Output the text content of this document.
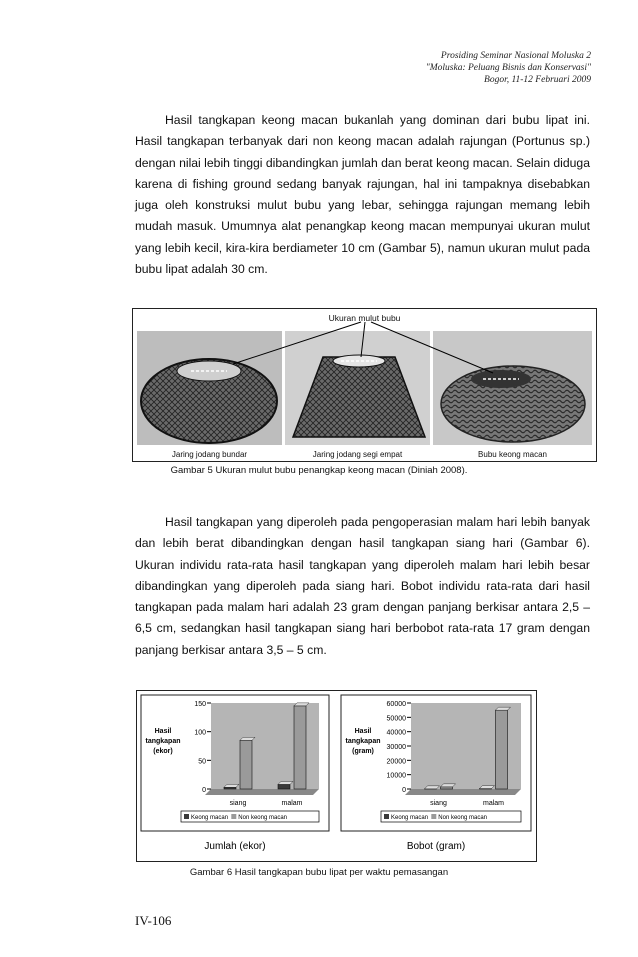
Prosiding Seminar Nasional Moluska 2
"Moluska: Peluang Bisnis dan Konservasi"
Bogor, 11-12 Februari 2009

Hasil tangkapan keong macan bukanlah yang dominan dari bubu lipat ini. Hasil tangkapan terbanyak dari non keong macan adalah rajungan (Portunus sp.) dengan nilai lebih tinggi dibandingkan jumlah dan berat keong macan. Selain diduga karena di fishing ground sedang banyak rajungan, hal ini tampaknya disebabkan juga oleh konstruksi mulut bubu yang lebar, sehingga rajungan memang lebih mudah masuk. Umumnya alat penangkap keong macan mempunyai ukuran mulut yang lebih kecil, kira-kira berdiameter 10 cm (Gambar 5), namun ukuran mulut pada bubu lipat adalah 30 cm.

Ukuran mulut bubu
Jaring jodang bundar	Jaring jodang segi empat	Bubu keong macan
Gambar 5 Ukuran mulut bubu penangkap keong macan (Diniah 2008).

Hasil tangkapan yang diperoleh pada pengoperasian malam hari lebih banyak dan lebih berat dibandingkan dengan hasil tangkapan siang hari (Gambar 6). Ukuran individu rata-rata hasil tangkapan yang diperoleh malam hari lebih besar dibandingkan yang diperoleh pada siang hari. Bobot individu rata-rata dari hasil tangkapan pada malam hari adalah 23 gram dengan panjang berkisar antara 2,5 – 6,5 cm, sedangkan hasil tangkapan siang hari berbobot rata-rata 17 gram dengan panjang berkisar antara 3,5 – 5 cm.

0
50
100
150
Hasil
tangkapan
(ekor)
siang	malam
Keong macan Non keong macan
Jumlah (ekor)
0
10000
20000
30000
40000
50000
60000
Hasil
tangkapan
(gram)
siang	malam
Keong macan Non keong macan
Bobot (gram)
Gambar 6 Hasil tangkapan bubu lipat per waktu pemasangan
IV-106
